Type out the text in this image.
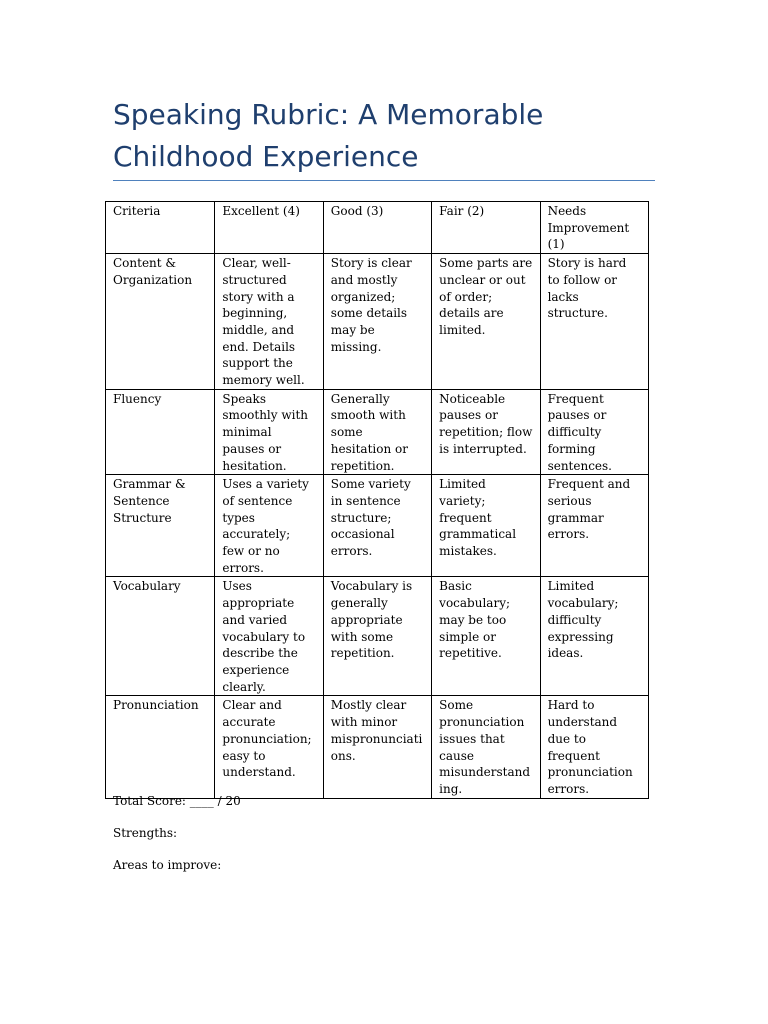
Speaking Rubric: A Memorable Childhood Experience
Criteria	Excellent (4)	Good (3)	Fair (2)	Needs Improvement (1)
Content & Organization	Clear, well-structured story with a beginning, middle, and end. Details support the memory well.	Story is clear and mostly organized; some details may be missing.	Some parts are unclear or out of order; details are limited.	Story is hard to follow or lacks structure.
Fluency	Speaks smoothly with minimal pauses or hesitation.	Generally smooth with some hesitation or repetition.	Noticeable pauses or repetition; flow is interrupted.	Frequent pauses or difficulty forming sentences.
Grammar & Sentence Structure	Uses a variety of sentence types accurately; few or no errors.	Some variety in sentence structure; occasional errors.	Limited variety; frequent grammatical mistakes.	Frequent and serious grammar errors.
Vocabulary	Uses appropriate and varied vocabulary to describe the experience clearly.	Vocabulary is generally appropriate with some repetition.	Basic vocabulary; may be too simple or repetitive.	Limited vocabulary; difficulty expressing ideas.
Pronunciation	Clear and accurate pronunciation; easy to understand.	Mostly clear with minor mispronunciations.	Some pronunciation issues that cause misunderstanding.	Hard to understand due to frequent pronunciation errors.

Total Score: ____ / 20

Strengths:

Areas to improve:
